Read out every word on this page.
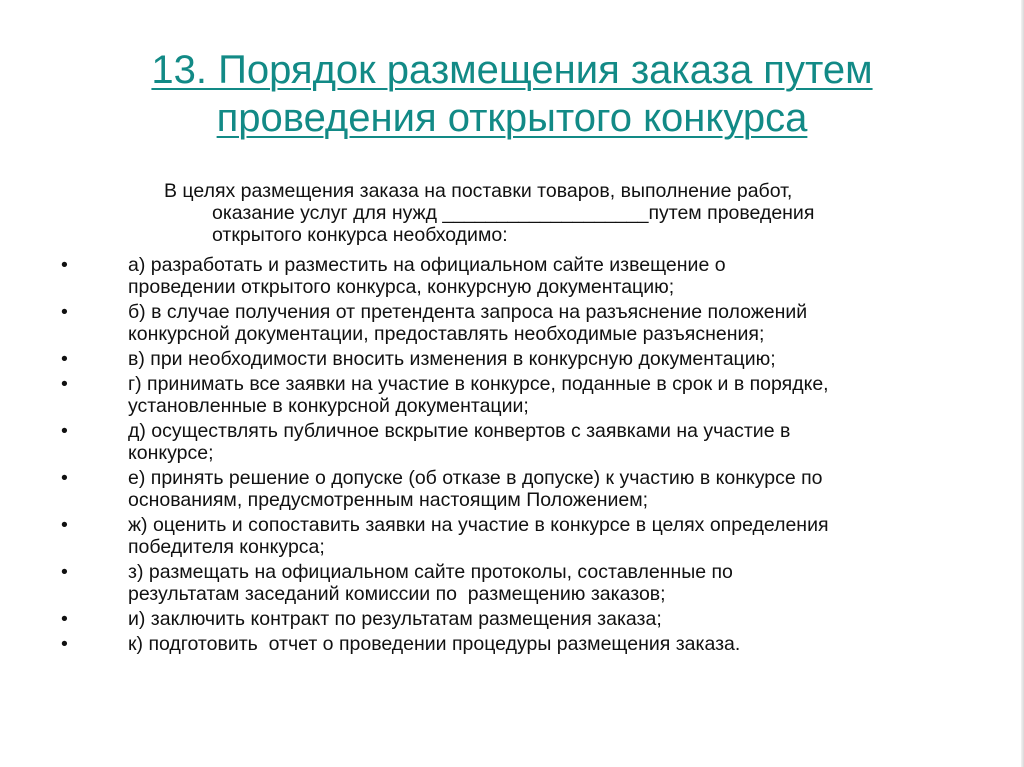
13. Порядок размещения заказа путем
проведения открытого конкурса
В целях размещения заказа на поставки товаров, выполнение работ,
оказание услуг для нужд ___________________путем проведения
открытого конкурса необходимо:
•	а) разработать и разместить на официальном сайте извещение о
проведении открытого конкурса, конкурсную документацию;
•	б) в случае получения от претендента запроса на разъяснение положений
конкурсной документации, предоставлять необходимые разъяснения;
•	в) при необходимости вносить изменения в конкурсную документацию;
•	г) принимать все заявки на участие в конкурсе, поданные в срок и в порядке,
установленные в конкурсной документации;
•	д) осуществлять публичное вскрытие конвертов с заявками на участие в
конкурсе;
•	е) принять решение о допуске (об отказе в допуске) к участию в конкурсе по
основаниям, предусмотренным настоящим Положением;
•	ж) оценить и сопоставить заявки на участие в конкурсе в целях определения
победителя конкурса;
•	з) размещать на официальном сайте протоколы, составленные по
результатам заседаний комиссии по  размещению заказов;
•	и) заключить контракт по результатам размещения заказа;
•	к) подготовить  отчет о проведении процедуры размещения заказа.
